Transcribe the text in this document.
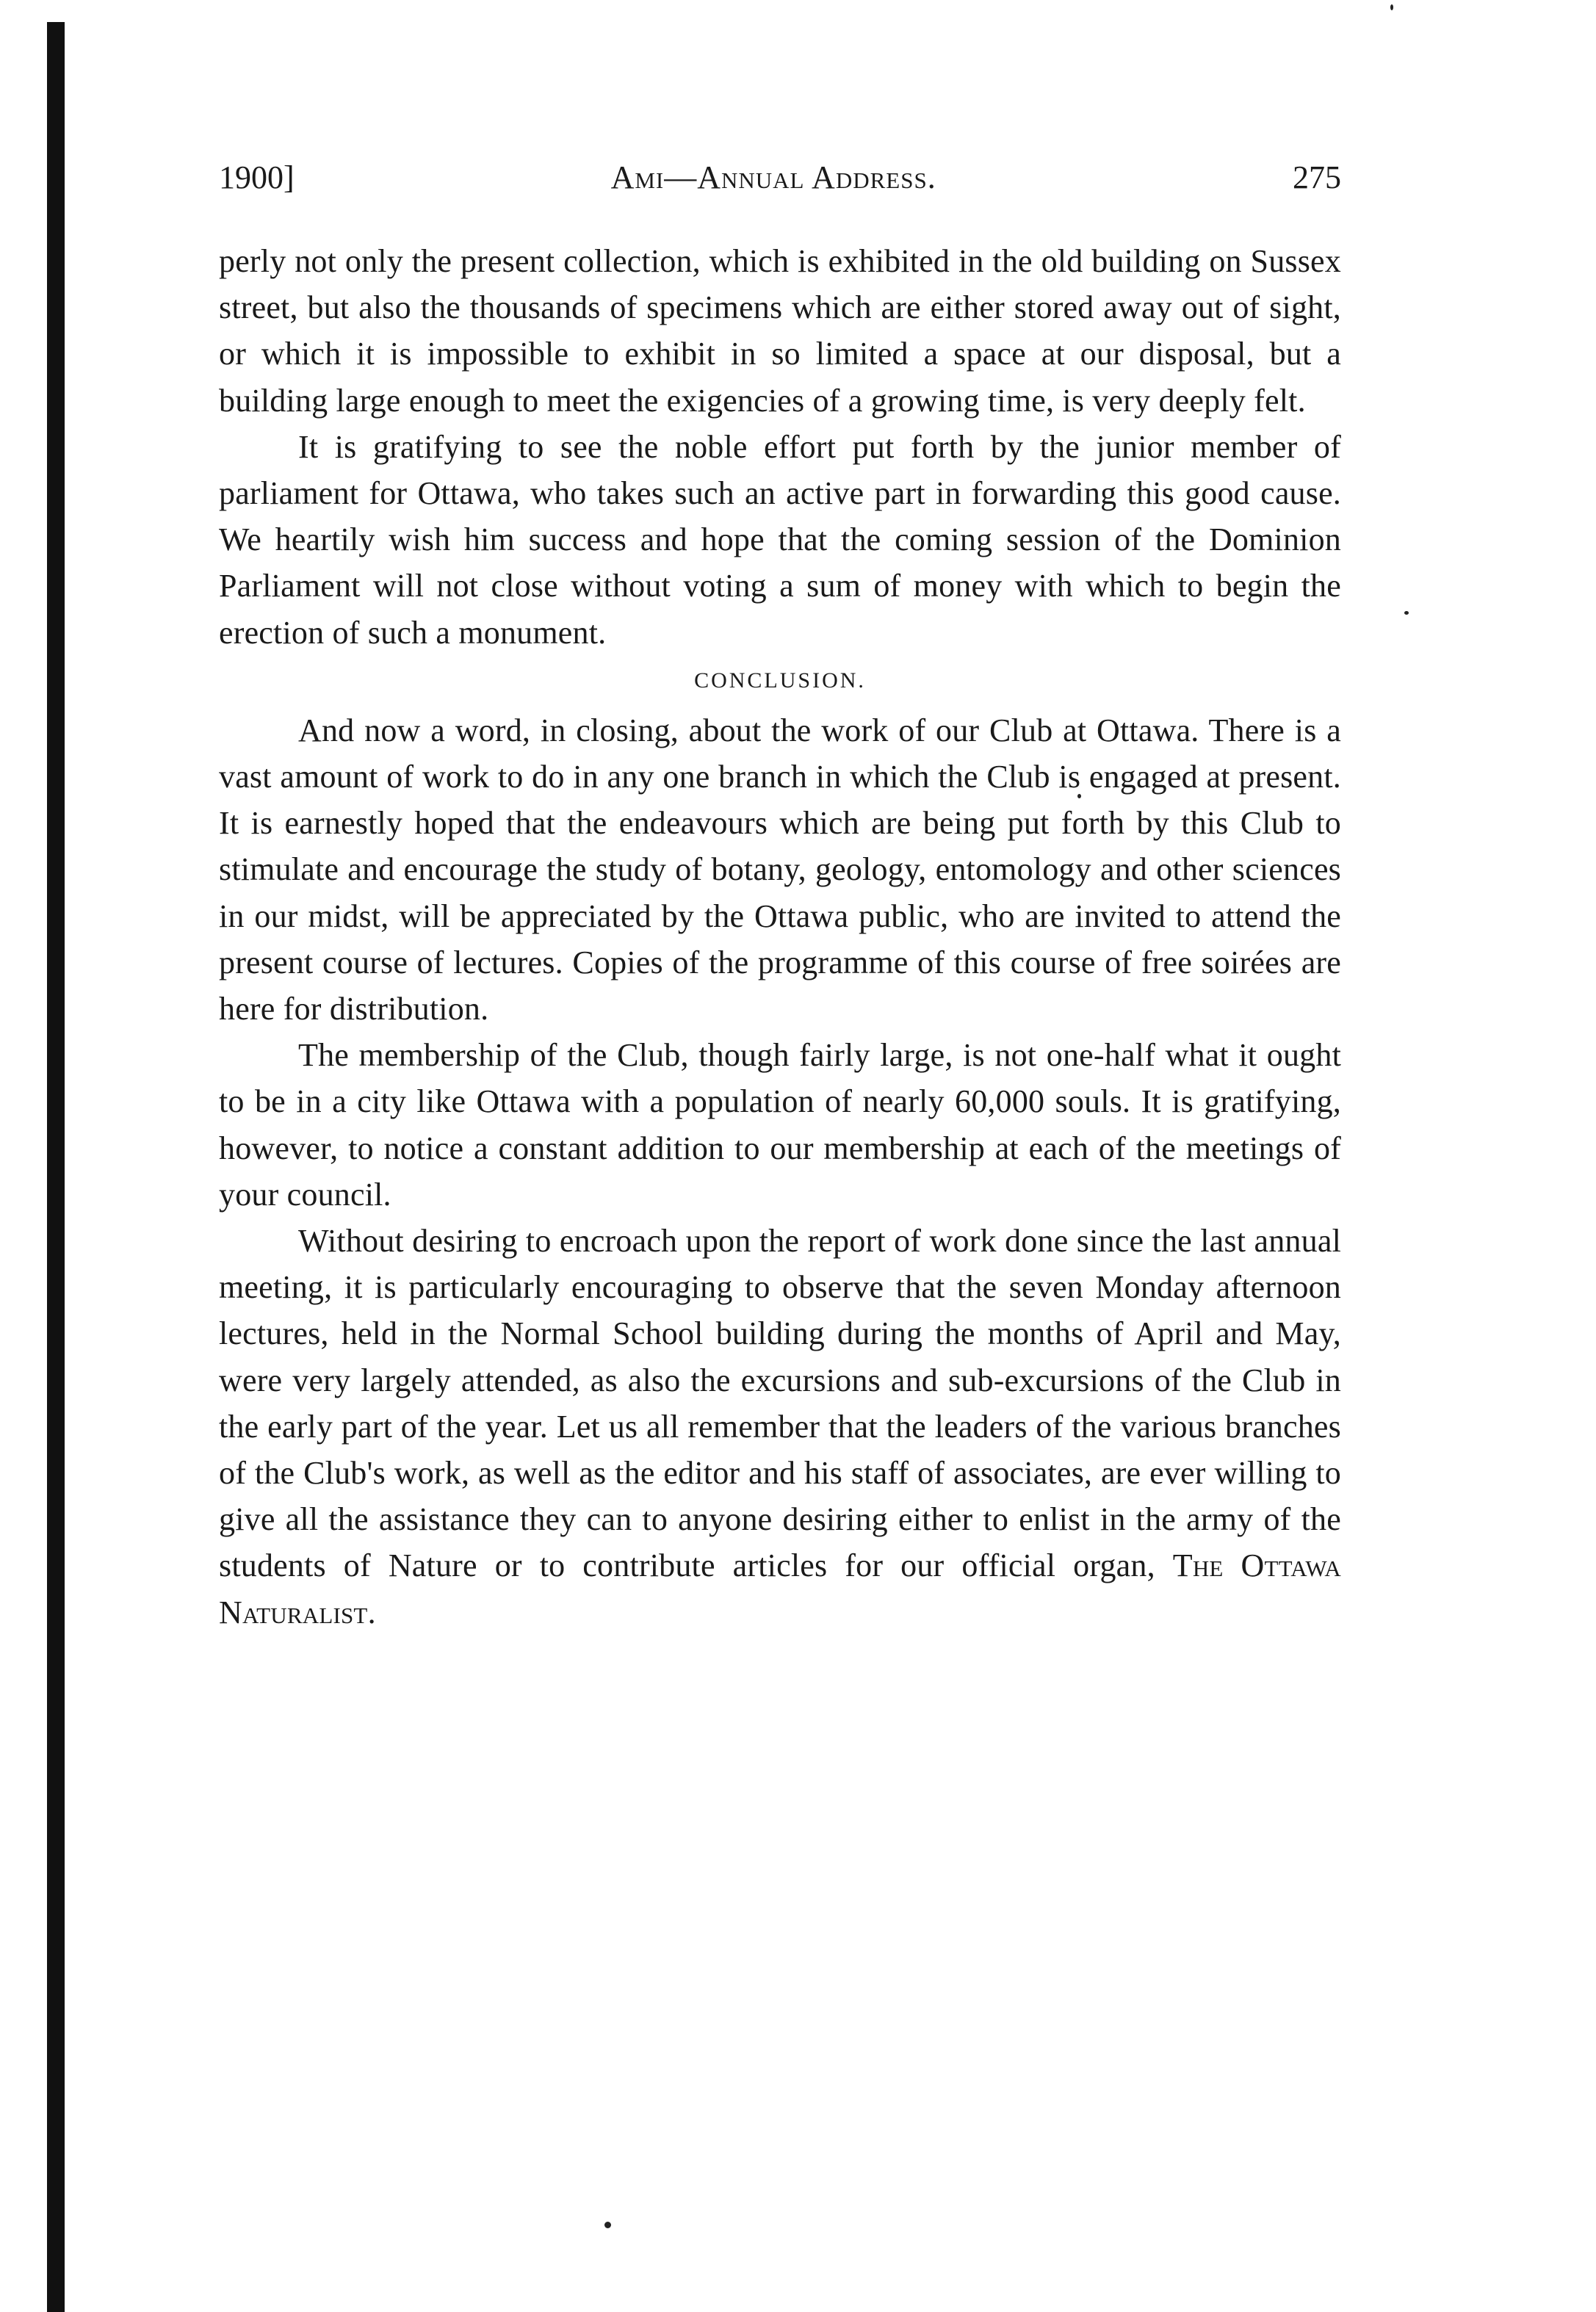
1900]	Ami—Annual Address.	275

perly not only the present collection, which is exhibited in the old building on Sussex street, but also the thousands of specimens which are either stored away out of sight, or which it is impossible to exhibit in so limited a space at our disposal, but a building large enough to meet the exigencies of a growing time, is very deeply felt.

It is gratifying to see the noble effort put forth by the junior member of parliament for Ottawa, who takes such an active part in forwarding this good cause. We heartily wish him success and hope that the coming session of the Dominion Parliament will not close without voting a sum of money with which to begin the erection of such a monument.

CONCLUSION.

And now a word, in closing, about the work of our Club at Ottawa. There is a vast amount of work to do in any one branch in which the Club is engaged at present. It is earnestly hoped that the endeavours which are being put forth by this Club to stimulate and encourage the study of botany, geology, entomology and other sciences in our midst, will be appreciated by the Ottawa public, who are invited to attend the present course of lectures. Copies of the programme of this course of free soirées are here for distribution.

The membership of the Club, though fairly large, is not one-half what it ought to be in a city like Ottawa with a population of nearly 60,000 souls. It is gratifying, however, to notice a constant addition to our membership at each of the meetings of your council.

Without desiring to encroach upon the report of work done since the last annual meeting, it is particularly encouraging to observe that the seven Monday afternoon lectures, held in the Normal School building during the months of April and May, were very largely attended, as also the excursions and sub-excursions of the Club in the early part of the year. Let us all remember that the leaders of the various branches of the Club's work, as well as the editor and his staff of associates, are ever willing to give all the assistance they can to anyone desiring either to enlist in the army of the students of Nature or to contribute articles for our official organ, The Ottawa Naturalist.
